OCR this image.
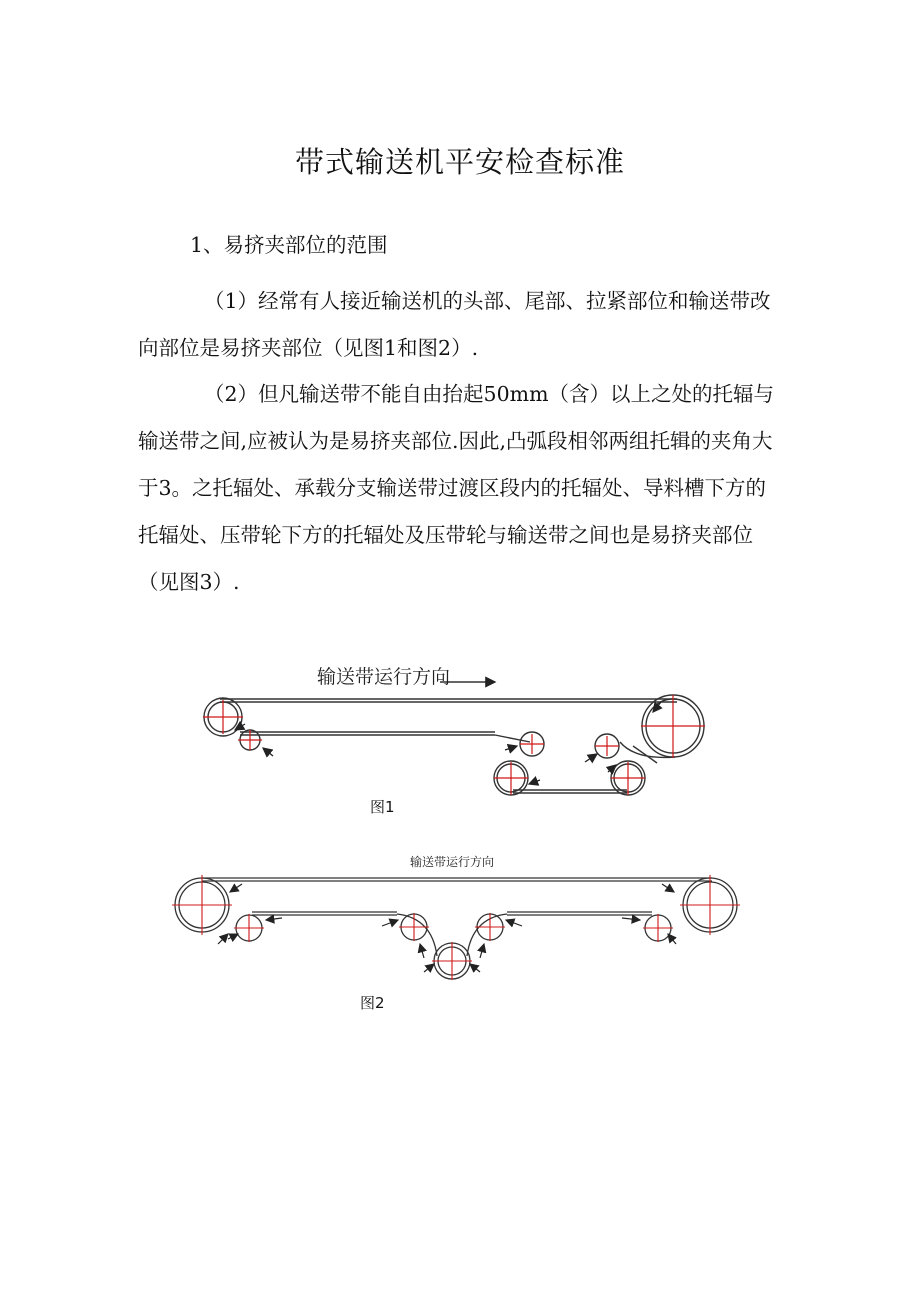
带式输送机平安检查标准
1、易挤夹部位的范围

（1）经常有人接近输送机的头部、尾部、拉紧部位和输送带改向部位是易挤夹部位（见图1和图2）.

（2）但凡输送带不能自由抬起50mm（含）以上之处的托辐与输送带之间,应被认为是易挤夹部位.因此,凸弧段相邻两组托辑的夹角大于3。之托辐处、承载分支输送带过渡区段内的托辐处、导料槽下方的托辐处、压带轮下方的托辐处及压带轮与输送带之间也是易挤夹部位（见图3）.

输送带运行方向
图1
输送带运行方向
图2
